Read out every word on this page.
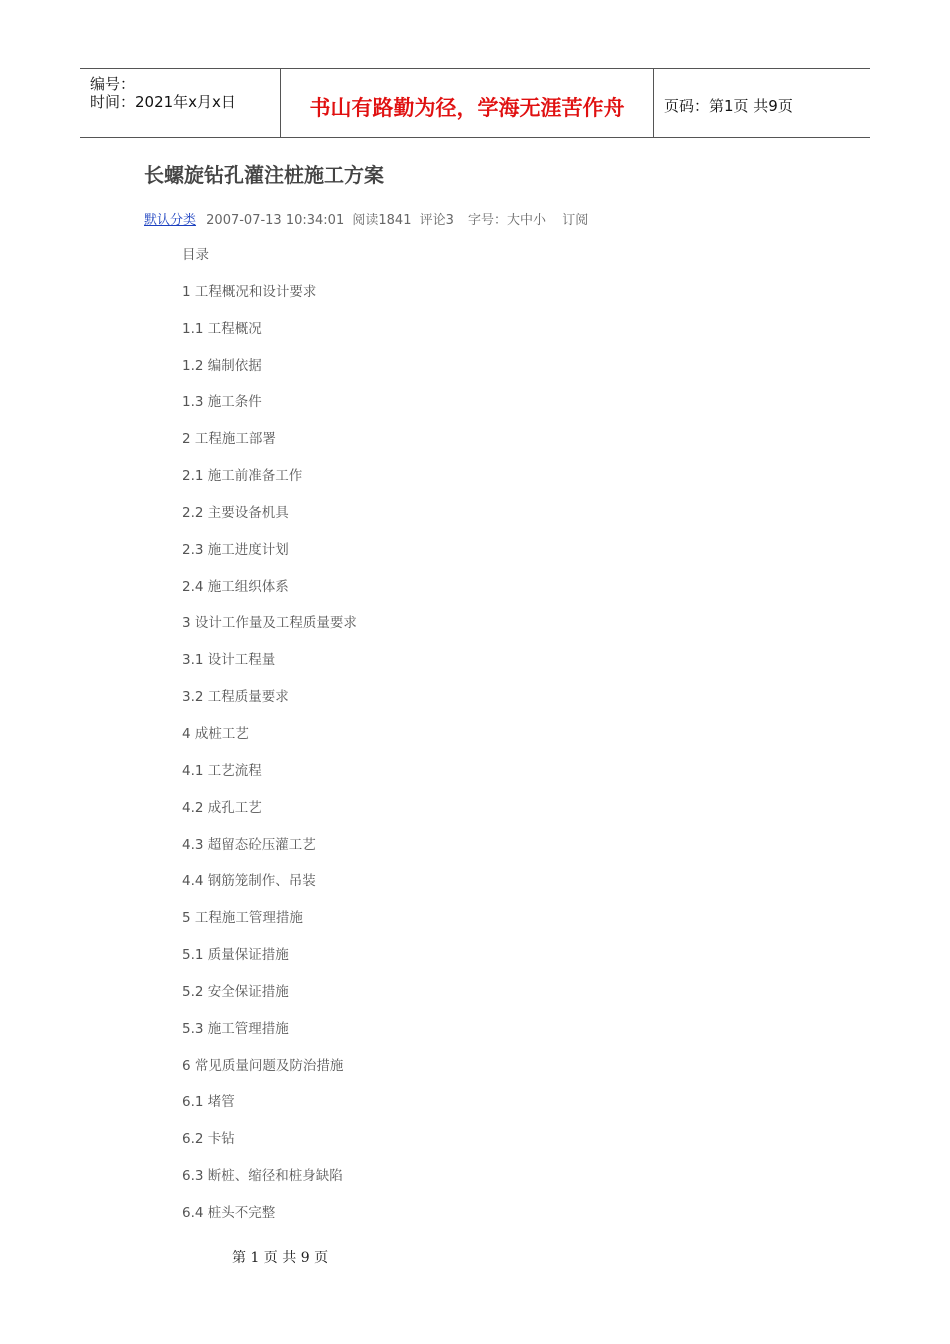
编号：
时间：2021年x月x日	书山有路勤为径，学海无涯苦作舟	页码：第1页 共9页
长螺旋钻孔灌注桩施工方案
默认分类 2007-07-13 10:34:01 阅读1841 评论3 字号：大中小 订阅
目录
1 工程概况和设计要求
1.1 工程概况
1.2 编制依据
1.3 施工条件
2 工程施工部署
2.1 施工前准备工作
2.2 主要设备机具
2.3 施工进度计划
2.4 施工组织体系
3 设计工作量及工程质量要求
3.1 设计工程量
3.2 工程质量要求
4 成桩工艺
4.1 工艺流程
4.2 成孔工艺
4.3 超留态砼压灌工艺
4.4 钢筋笼制作、吊装
5 工程施工管理措施
5.1 质量保证措施
5.2 安全保证措施
5.3 施工管理措施
6 常见质量问题及防治措施
6.1 堵管
6.2 卡钻
6.3 断桩、缩径和桩身缺陷
6.4 桩头不完整
第 1 页 共 9 页
